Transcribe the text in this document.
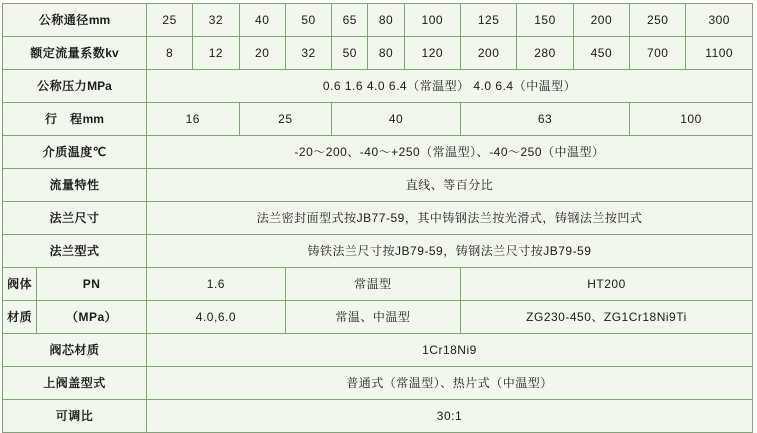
公称通径mm		25	32	40	50	65	80	100	125	150	200	250	300
额定流量系数kv		8	12	20	32	50	80	120	200	280	450	700	1100
公称压力MPa		0.6 1.6 4.0 6.4（常温型） 4.0 6.4（中温型）											
行　程mm		16		25		40			63			100	
介质温度℃		-20～200、-40～+250（常温型）、-40～250（中温型）											
流量特性		直线、等百分比											
法兰尺寸		法兰密封面型式按JB77-59，其中铸钢法兰按光滑式，铸钢法兰按凹式											
法兰型式		铸铁法兰尺寸按JB79-59，铸钢法兰尺寸按JB79-59											
阀体	PN	1.6			常温型				HT200				
材质	（MPa）	4.0,6.0			常温、中温型				ZG230-450、ZG1Cr18Ni9Ti				
阀芯材质		1Cr18Ni9											
上阀盖型式		普通式（常温型）、热片式（中温型）											
可调比		30:1											
